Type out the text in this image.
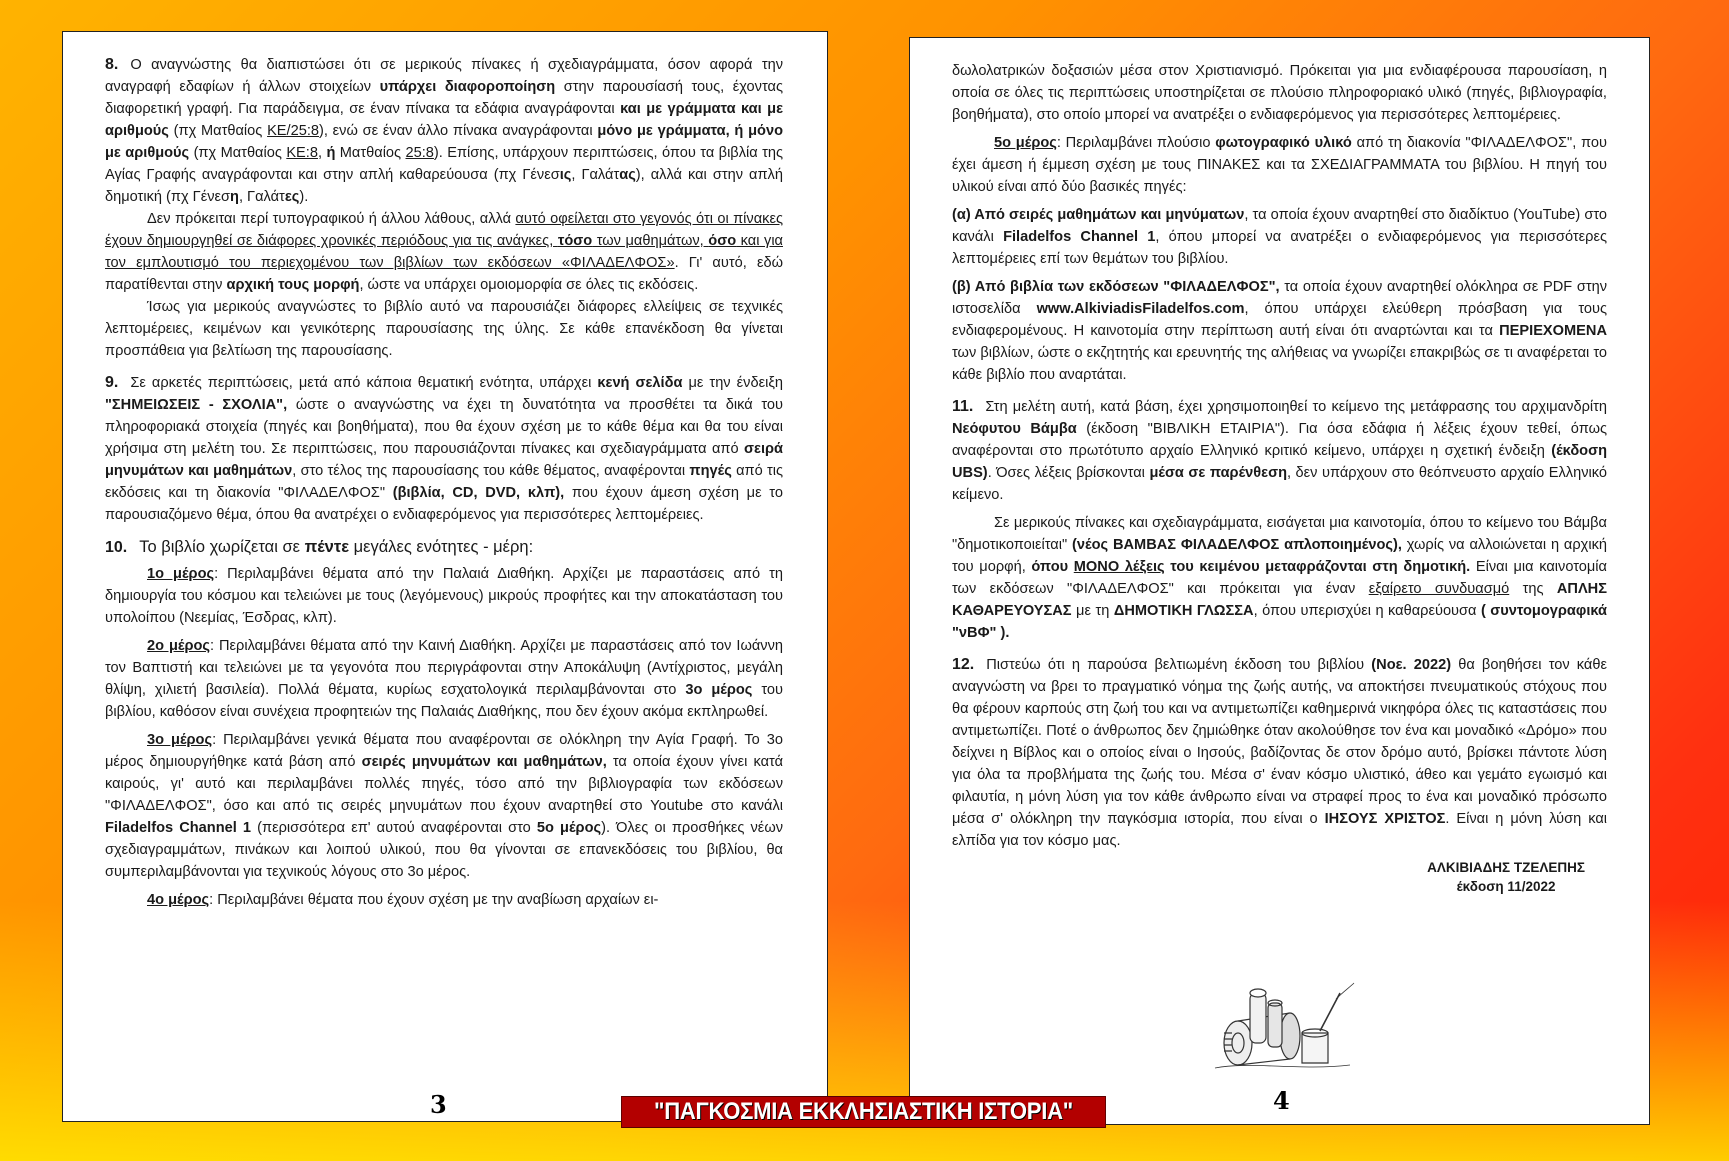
8. Ο αναγνώστης θα διαπιστώσει ότι σε μερικούς πίνακες ή σχεδιαγράμματα, όσον αφορά την αναγραφή εδαφίων ή άλλων στοιχείων υπάρχει διαφοροποίηση στην παρουσίασή τους, έχοντας διαφορετική γραφή. Για παράδειγμα, σε έναν πίνακα τα εδάφια αναγράφονται και με γράμματα και με αριθμούς (πχ Ματθαίος ΚΕ/25:8), ενώ σε έναν άλλο πίνακα αναγράφονται μόνο με γράμματα, ή μόνο με αριθμούς (πχ Ματθαίος ΚΕ:8, ή Ματθαίος 25:8). Επίσης, υπάρχουν περιπτώσεις, όπου τα βιβλία της Αγίας Γραφής αναγράφονται και στην απλή καθαρεύουσα (πχ Γένεσις, Γαλάτας), αλλά και στην απλή δημοτική (πχ Γένεση, Γαλάτες).

Δεν πρόκειται περί τυπογραφικού ή άλλου λάθους, αλλά αυτό οφείλεται στο γεγονός ότι οι πίνακες έχουν δημιουργηθεί σε διάφορες χρονικές περιόδους για τις ανάγκες, τόσο των μαθημάτων, όσο και για τον εμπλουτισμό του περιεχομένου των βιβλίων των εκδόσεων «ΦΙΛΑΔΕΛΦΟΣ». Γι' αυτό, εδώ παρατίθενται στην αρχική τους μορφή, ώστε να υπάρχει ομοιομορφία σε όλες τις εκδόσεις.

Ίσως για μερικούς αναγνώστες το βιβλίο αυτό να παρουσιάζει διάφορες ελλείψεις σε τεχνικές λεπτομέρειες, κειμένων και γενικότερης παρουσίασης της ύλης. Σε κάθε επανέκδοση θα γίνεται προσπάθεια για βελτίωση της παρουσίασης.

9. Σε αρκετές περιπτώσεις, μετά από κάποια θεματική ενότητα, υπάρχει κενή σελίδα με την ένδειξη "ΣΗΜΕΙΩΣΕΙΣ - ΣΧΟΛΙΑ", ώστε ο αναγνώστης να έχει τη δυνατότητα να προσθέτει τα δικά του πληροφοριακά στοιχεία (πηγές και βοηθήματα), που θα έχουν σχέση με το κάθε θέμα και θα του είναι χρήσιμα στη μελέτη του. Σε περιπτώσεις, που παρουσιάζονται πίνακες και σχεδιαγράμματα από σειρά μηνυμάτων και μαθημάτων, στο τέλος της παρουσίασης του κάθε θέματος, αναφέρονται πηγές από τις εκδόσεις και τη διακονία "ΦΙΛΑΔΕΛΦΟΣ" (βιβλία, CD, DVD, κλπ), που έχουν άμεση σχέση με το παρουσιαζόμενο θέμα, όπου θα ανατρέχει ο ενδιαφερόμενος για περισσότερες λεπτομέρειες.

10. Το βιβλίο χωρίζεται σε πέντε μεγάλες ενότητες - μέρη:

1ο μέρος: Περιλαμβάνει θέματα από την Παλαιά Διαθήκη. Αρχίζει με παραστάσεις από τη δημιουργία του κόσμου και τελειώνει με τους (λεγόμενους) μικρούς προφήτες και την αποκατάσταση του υπολοίπου (Νεεμίας, Έσδρας, κλπ).

2ο μέρος: Περιλαμβάνει θέματα από την Καινή Διαθήκη. Αρχίζει με παραστάσεις από τον Ιωάννη τον Βαπτιστή και τελειώνει με τα γεγονότα που περιγράφονται στην Αποκάλυψη (Αντίχριστος, μεγάλη θλίψη, χιλιετή βασιλεία). Πολλά θέματα, κυρίως εσχατολογικά περιλαμβάνονται στο 3ο μέρος του βιβλίου, καθόσον είναι συνέχεια προφητειών της Παλαιάς Διαθήκης, που δεν έχουν ακόμα εκπληρωθεί.

3ο μέρος: Περιλαμβάνει γενικά θέματα που αναφέρονται σε ολόκληρη την Αγία Γραφή. Το 3ο μέρος δημιουργήθηκε κατά βάση από σειρές μηνυμάτων και μαθημάτων, τα οποία έχουν γίνει κατά καιρούς, γι' αυτό και περιλαμβάνει πολλές πηγές, τόσο από την βιβλιογραφία των εκδόσεων "ΦΙΛΑΔΕΛΦΟΣ", όσο και από τις σειρές μηνυμάτων που έχουν αναρτηθεί στο Youtube στο κανάλι Filadelfos Channel 1 (περισσότερα επ' αυτού αναφέρονται στο 5ο μέρος). Όλες οι προσθήκες νέων σχεδιαγραμμάτων, πινάκων και λοιπού υλικού, που θα γίνονται σε επανεκδόσεις του βιβλίου, θα συμπεριλαμβάνονται για τεχνικούς λόγους στο 3ο μέρος.

4ο μέρος: Περιλαμβάνει θέματα που έχουν σχέση με την αναβίωση αρχαίων ει-

δωλολατρικών δοξασιών μέσα στον Χριστιανισμό. Πρόκειται για μια ενδιαφέρουσα παρουσίαση, η οποία σε όλες τις περιπτώσεις υποστηρίζεται σε πλούσιο πληροφοριακό υλικό (πηγές, βιβλιογραφία, βοηθήματα), στο οποίο μπορεί να ανατρέξει ο ενδιαφερόμενος για περισσότερες λεπτομέρειες.

5ο μέρος: Περιλαμβάνει πλούσιο φωτογραφικό υλικό από τη διακονία "ΦΙΛΑΔΕΛΦΟΣ", που έχει άμεση ή έμμεση σχέση με τους ΠΙΝΑΚΕΣ και τα ΣΧΕΔΙΑΓΡΑΜΜΑΤΑ του βιβλίου. Η πηγή του υλικού είναι από δύο βασικές πηγές:

(α) Από σειρές μαθημάτων και μηνύματων, τα οποία έχουν αναρτηθεί στο διαδίκτυο (YouTube) στο κανάλι Filadelfos Channel 1, όπου μπορεί να ανατρέξει ο ενδιαφερόμενος για περισσότερες λεπτομέρειες επί των θεμάτων του βιβλίου.

(β) Από βιβλία των εκδόσεων "ΦΙΛΑΔΕΛΦΟΣ", τα οποία έχουν αναρτηθεί ολόκληρα σε PDF στην ιστοσελίδα www.AlkiviadisFiladelfos.com, όπου υπάρχει ελεύθερη πρόσβαση για τους ενδιαφερομένους. Η καινοτομία στην περίπτωση αυτή είναι ότι αναρτώνται και τα ΠΕΡΙΕΧΟΜΕΝΑ των βιβλίων, ώστε ο εκζητητής και ερευνητής της αλήθειας να γνωρίζει επακριβώς σε τι αναφέρεται το κάθε βιβλίο που αναρτάται.

11. Στη μελέτη αυτή, κατά βάση, έχει χρησιμοποιηθεί το κείμενο της μετάφρασης του αρχιμανδρίτη Νεόφυτου Βάμβα (έκδοση "ΒΙΒΛΙΚΗ ΕΤΑΙΡΙΑ"). Για όσα εδάφια ή λέξεις έχουν τεθεί, όπως αναφέρονται στο πρωτότυπο αρχαίο Ελληνικό κριτικό κείμενο, υπάρχει η σχετική ένδειξη (έκδοση UBS). Όσες λέξεις βρίσκονται μέσα σε παρένθεση, δεν υπάρχουν στο θεόπνευστο αρχαίο Ελληνικό κείμενο.

Σε μερικούς πίνακες και σχεδιαγράμματα, εισάγεται μια καινοτομία, όπου το κείμενο του Βάμβα "δημοτικοποιείται" (νέος ΒΑΜΒΑΣ ΦΙΛΑΔΕΛΦΟΣ απλοποιημένος), χωρίς να αλλοιώνεται η αρχική του μορφή, όπου ΜΟΝΟ λέξεις του κειμένου μεταφράζονται στη δημοτική. Είναι μια καινοτομία των εκδόσεων "ΦΙΛΑΔΕΛΦΟΣ" και πρόκειται για έναν εξαίρετο συνδυασμό της ΑΠΛΗΣ ΚΑΘΑΡΕΥΟΥΣΑΣ με τη ΔΗΜΟΤΙΚΗ ΓΛΩΣΣΑ, όπου υπερισχύει η καθαρεύουσα ( συντομογραφικά "νΒΦ" ).

12. Πιστεύω ότι η παρούσα βελτιωμένη έκδοση του βιβλίου (Νοε. 2022) θα βοηθήσει τον κάθε αναγνώστη να βρει το πραγματικό νόημα της ζωής αυτής, να αποκτήσει πνευματικούς στόχους που θα φέρουν καρπούς στη ζωή του και να αντιμετωπίζει καθημερινά νικηφόρα όλες τις καταστάσεις που αντιμετωπίζει. Ποτέ ο άνθρωπος δεν ζημιώθηκε όταν ακολούθησε τον ένα και μοναδικό «Δρόμο» που δείχνει η Βίβλος και ο οποίος είναι ο Ιησούς, βαδίζοντας δε στον δρόμο αυτό, βρίσκει πάντοτε λύση για όλα τα προβλήματα της ζωής του. Μέσα σ' έναν κόσμο υλιστικό, άθεο και γεμάτο εγωισμό και φιλαυτία, η μόνη λύση για τον κάθε άνθρωπο είναι να στραφεί προς το ένα και μοναδικό πρόσωπο μέσα σ' ολόκληρη την παγκόσμια ιστορία, που είναι ο ΙΗΣΟΥΣ ΧΡΙΣΤΟΣ. Είναι η μόνη λύση και ελπίδα για τον κόσμο μας.

ΑΛΚΙΒΙΑΔΗΣ ΤΖΕΛΕΠΗΣ
έκδοση 11/2022
3	4
"ΠΑΓΚΟΣΜΙΑ ΕΚΚΛΗΣΙΑΣΤΙΚΗ ΙΣΤΟΡΙΑ"
